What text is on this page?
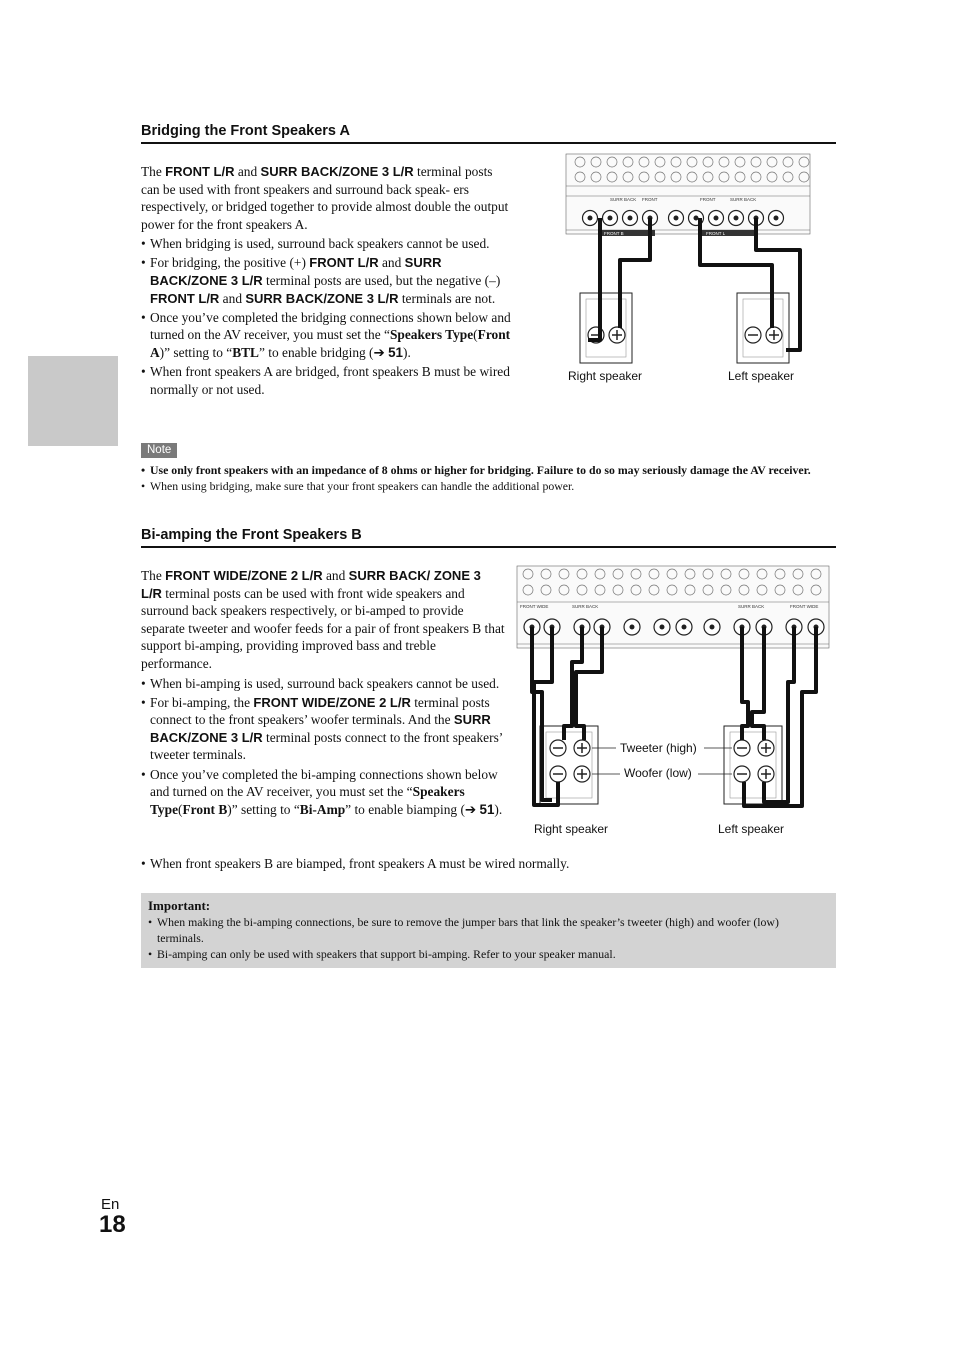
Bridging the Front Speakers A

The FRONT L/R and SURR BACK/ZONE 3 L/R terminal posts can be used with front speakers and surround back speak- ers respectively, or bridged together to provide almost double the output power for the front speakers A.

• When bridging is used, surround back speakers cannot be used.
• For bridging, the positive (+) FRONT L/R and SURR BACK/ZONE 3 L/R terminal posts are used, but the negative (–) FRONT L/R and SURR BACK/ZONE 3 L/R terminals are not.
• Once you’ve completed the bridging connections shown below and turned on the AV receiver, you must set the “Speakers Type(Front A)” setting to “BTL” to enable bridging (➔ 51).
• When front speakers A are bridged, front speakers B must be wired normally or not used.
SURR BACK FRONT	FRONT	SURR BACK
FRONT B	FRONT L
Right speaker	Left speaker
Note
• Use only front speakers with an impedance of 8 ohms or higher for bridging. Failure to do so may seriously damage the AV receiver.
• When using bridging, make sure that your front speakers can handle the additional power.
Bi-amping the Front Speakers B

The FRONT WIDE/ZONE 2 L/R and SURR BACK/ ZONE 3 L/R terminal posts can be used with front wide speakers and surround back speakers respectively, or bi-amped to provide separate tweeter and woofer feeds for a pair of front speakers B that support bi-amping, providing improved bass and treble performance.

• When bi-amping is used, surround back speakers cannot be used.
• For bi-amping, the FRONT WIDE/ZONE 2 L/R terminal posts connect to the front speakers’ woofer terminals. And the SURR BACK/ZONE 3 L/R terminal posts connect to the front speakers’ tweeter terminals.
• Once you’ve completed the bi-amping connections shown below and turned on the AV receiver, you must set the “Speakers Type(Front B)” setting to “Bi-Amp” to enable biamping (➔ 51).
• When front speakers B are biamped, front speakers A must be wired normally.
FRONT WIDE	SURR BACK	SURR BACK	FRONT WIDE
Tweeter (high)
Woofer (low)
Right speaker	Left speaker
Important:
• When making the bi-amping connections, be sure to remove the jumper bars that link the speaker’s tweeter (high) and woofer (low) terminals.
• Bi-amping can only be used with speakers that support bi-amping. Refer to your speaker manual.
En
18
